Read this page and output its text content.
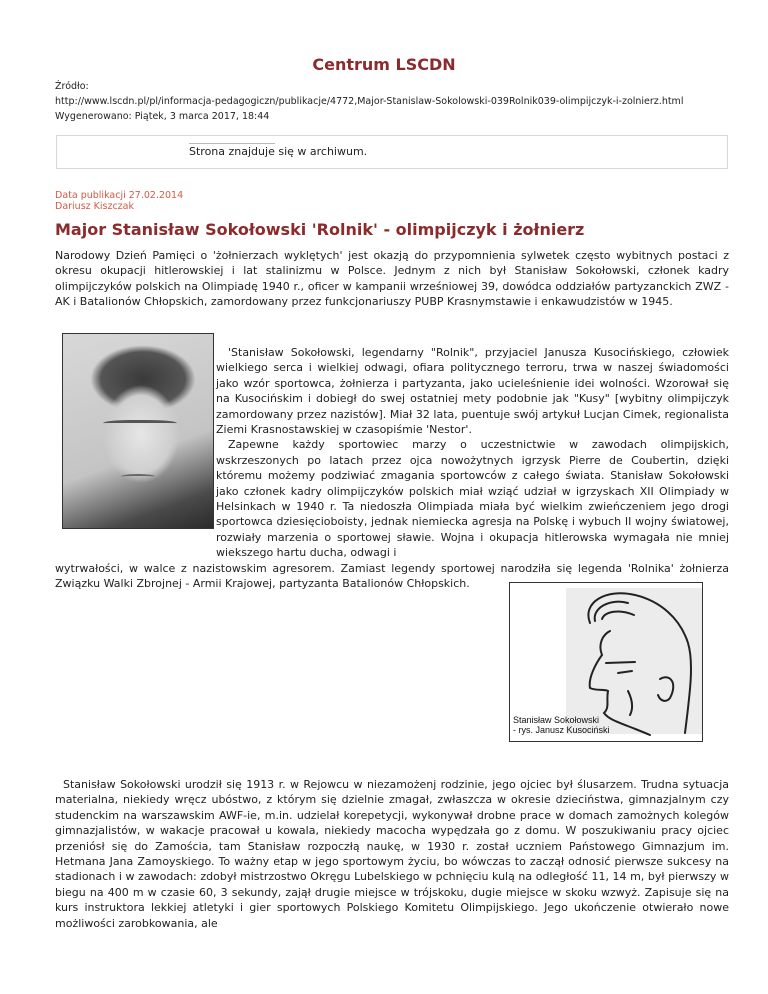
Centrum LSCDN
Źródło:
http://www.lscdn.pl/pl/informacja-pedagogiczn/publikacje/4772,Major-Stanislaw-Sokolowski-039Rolnik039-olimpijczyk-i-zolnierz.html
Wygenerowano: Piątek, 3 marca 2017, 18:44
Strona znajduje się w archiwum.
Data publikacji 27.02.2014
Dariusz Kiszczak
Major Stanisław Sokołowski 'Rolnik' - olimpijczyk i żołnierz

Narodowy Dzień Pamięci o 'żołnierzach wyklętych' jest okazją do przypomnienia sylwetek często wybitnych postaci z okresu okupacji hitlerowskiej i lat stalinizmu w Polsce. Jednym z nich był Stanisław Sokołowski, członek kadry olimpijczyków polskich na Olimpiadę 1940 r., oficer w kampanii wrześniowej 39, dowódca oddziałów partyzanckich ZWZ - AK i Batalionów Chłopskich, zamordowany przez funkcjonariuszy PUBP Krasnymstawie i enkawudzistów w 1945.

'Stanisław Sokołowski, legendarny "Rolnik", przyjaciel Janusza Kusocińskiego, człowiek wielkiego serca i wielkiej odwagi, ofiara politycznego terroru, trwa w naszej świadomości jako wzór sportowca, żołnierza i partyzanta, jako ucieleśnienie idei wolności. Wzorował się na Kusocińskim i dobiegł do swej ostatniej mety podobnie jak "Kusy" [wybitny olimpijczyk zamordowany przez nazistów]. Miał 32 lata, puentuje swój artykuł Lucjan Cimek, regionalista Ziemi Krasnostawskiej w czasopiśmie 'Nestor'.

Zapewne każdy sportowiec marzy o uczestnictwie w zawodach olimpijskich, wskrzeszonych po latach przez ojca nowożytnych igrzysk Pierre de Coubertin, dzięki któremu możemy podziwiać zmagania sportowców z całego świata. Stanisław Sokołowski jako członek kadry olimpijczyków polskich miał wziąć udział w igrzyskach XII Olimpiady w Helsinkach w 1940 r. Ta niedoszła Olimpiada miała być wielkim zwieńczeniem jego drogi sportowca dziesięcioboisty, jednak niemiecka agresja na Polskę i wybuch II wojny światowej, rozwiały marzenia o sportowej sławie. Wojna i okupacja hitlerowska wymagała nie mniej wiekszego hartu ducha, odwagi i

wytrwałości, w walce z nazistowskim agresorem. Zamiast legendy sportowej narodziła się legenda 'Rolnika' żołnierza Związku Walki Zbrojnej - Armii Krajowej, partyzanta Batalionów Chłopskich.

Stanisław Sokołowski
- rys. Janusz Kusociński

Stanisław Sokołowski urodził się 1913 r. w Rejowcu w niezamożenj rodzinie, jego ojciec był ślusarzem. Trudna sytuacja materialna, niekiedy wręcz ubóstwo, z którym się dzielnie zmagał, zwłaszcza w okresie dzieciństwa, gimnazjalnym czy studenckim na warszawskim AWF-ie, m.in. udzielał korepetycji, wykonywał drobne prace w domach zamożnych kolegów gimnazjalistów, w wakacje pracował u kowala, niekiedy macocha wypędzała go z domu. W poszukiwaniu pracy ojciec przeniósł się do Zamościa, tam Stanisław rozpoczłą naukę, w 1930 r. został uczniem Państowego Gimnazjum im. Hetmana Jana Zamoyskiego. To ważny etap w jego sportowym życiu, bo wówczas to zaczął odnosić pierwsze sukcesy na stadionach i w zawodach: zdobył mistrzostwo Okręgu Lubelskiego w pchnięciu kulą na odległość 11, 14 m, był pierwszy w biegu na 400 m w czasie 60, 3 sekundy, zajął drugie miejsce w trójskoku, dugie miejsce w skoku wzwyż. Zapisuje się na kurs instruktora lekkiej atletyki i gier sportowych Polskiego Komitetu Olimpijskiego. Jego ukończenie otwierało nowe możliwości zarobkowania, ale
